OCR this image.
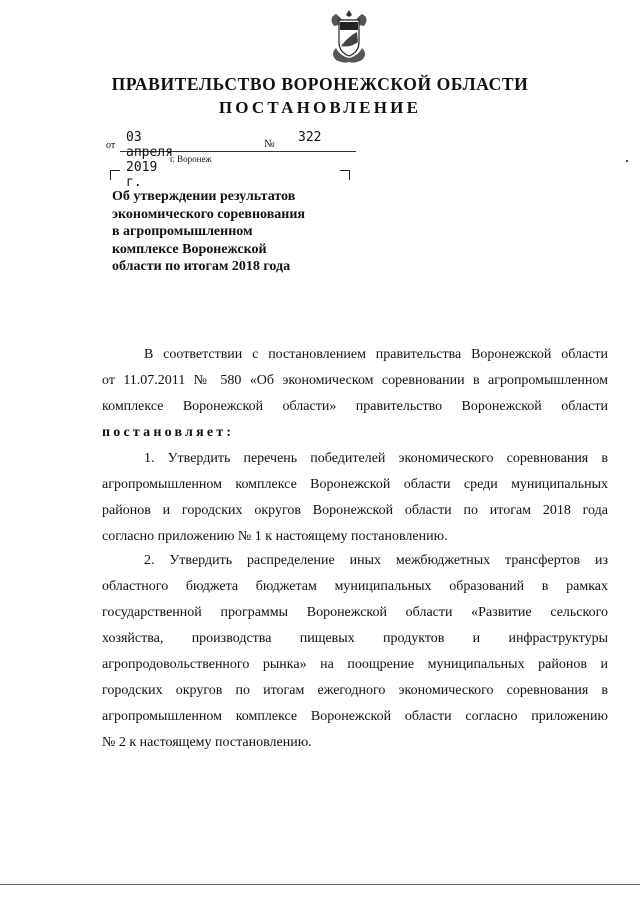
ПРАВИТЕЛЬСТВО ВОРОНЕЖСКОЙ ОБЛАСТИ
ПОСТАНОВЛЕНИЕ
от
03 апреля 2019 г.
№ 322
г. Воронеж
Об утверждении результатов
экономического соревнования
в агропромышленном
комплексе Воронежской
области по итогам 2018 года
В соответствии с постановлением правительства Воронежской области
от 11.07.2011 № 580 «Об экономическом соревновании в агропромышленном
комплексе Воронежской области» правительство Воронежской области
постановляет:
1. Утвердить перечень победителей экономического соревнования в
агропромышленном комплексе Воронежской области среди муниципальных
районов и городских округов Воронежской области по итогам 2018 года
согласно приложению № 1 к настоящему постановлению.
2. Утвердить распределение иных межбюджетных трансфертов из
областного бюджета бюджетам муниципальных образований в рамках
государственной программы Воронежской области «Развитие сельского
хозяйства, производства пищевых продуктов и инфраструктуры
агропродовольственного рынка» на поощрение муниципальных районов и
городских округов по итогам ежегодного экономического соревнования в
агропромышленном комплексе Воронежской области согласно приложению
№ 2 к настоящему постановлению.
